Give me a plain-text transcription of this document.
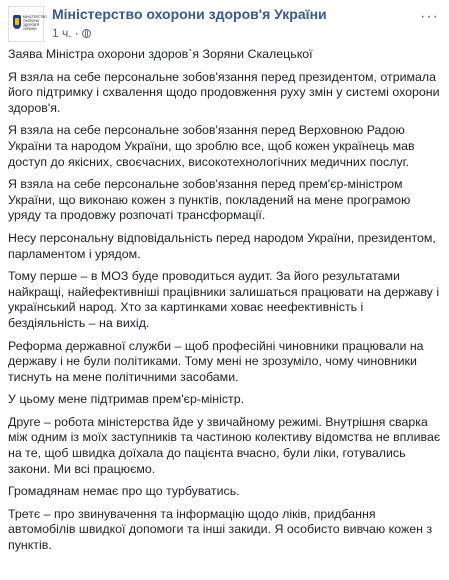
МІНІСТЕРСТВО ОХОРОНИ ЗДОРОВ'Я УКРАЇНИ
Міністерство охорони здоров'я України
1 ч. ·
···

Заява Міністра охорони здоров`я Зоряни Скалецької

Я взяла на себе персональне зобов'язання перед президентом, отримала його підтримку і схвалення щодо продовження руху змін у системі охорони здоров'я.

Я взяла на себе персональне зобов'язання перед Верховною Радою України та народом України, що зроблю все, щоб кожен українець мав доступ до якісних, своєчасних, високотехнологічних медичних послуг.

Я взяла на себе персональне зобов'язання перед прем'єр-міністром України, що виконаю кожен з пунктів, покладений на мене програмою уряду та продовжу розпочаті трансформації.

Несу персональну відповідальність перед народом України, президентом, парламентом і урядом.

Тому перше – в МОЗ буде проводиться аудит. За його результатами найкращі, найефективніші працівники залишаться працювати на державу і український народ. Хто за картинками ховає неефективність і бездіяльність – на вихід.

Реформа державної служби – щоб професійні чиновники працювали на державу і не були політиками. Тому мені не зрозуміло, чому чиновники тиснуть на мене політичними засобами.

У цьому мене підтримав прем'єр-міністр.

Друге – робота міністерства йде у звичайному режимі. Внутрішня сварка між одним із моїх заступників та частиною колективу відомства не впливає на те, щоб швидка доїхала до пацієнта вчасно, були ліки, готувались закони. Ми всі працюємо.

Громадянам немає про що турбуватись.

Третє – про звинувачення та інформацію щодо ліків, придбання автомобілів швидкої допомоги та інші закиди. Я особисто вивчаю кожен з пунктів.
